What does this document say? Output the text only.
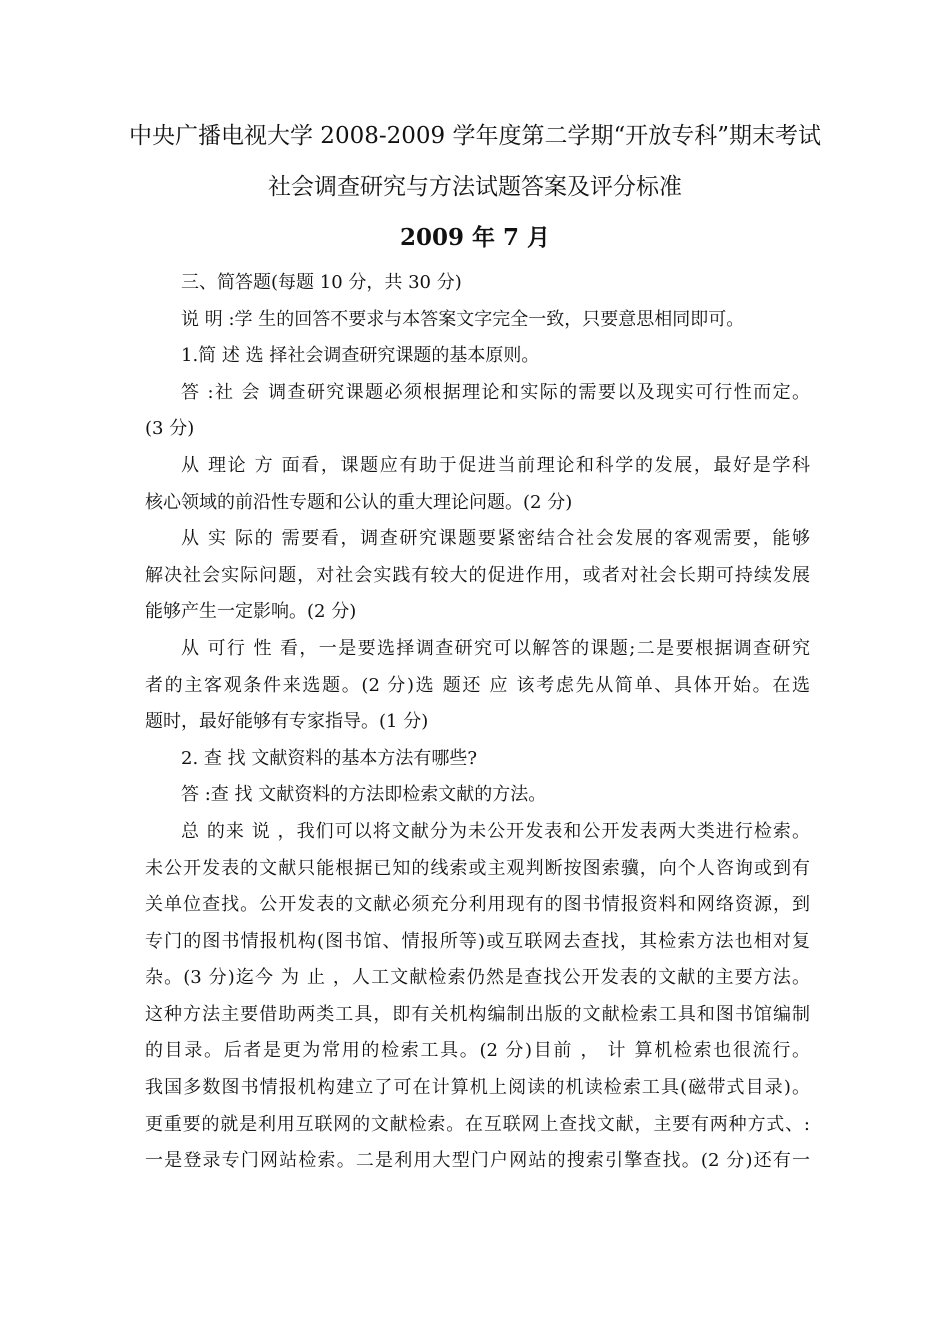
中央广播电视大学 2008-2009 学年度第二学期“开放专科”期末考试
社会调查研究与方法试题答案及评分标准
2009 年 7 月
三、简答题(每题 10 分，共 30 分)
说 明 :学 生的回答不要求与本答案文字完全一致，只要意思相同即可。
1.简 述 选 择社会调查研究课题的基本原则。
答 :社 会 调查研究课题必须根据理论和实际的需要以及现实可行性而定。
(3 分)
从 理论 方 面看，课题应有助于促进当前理论和科学的发展，最好是学科
核心领域的前沿性专题和公认的重大理论问题。(2 分)
从 实 际的 需要看，调查研究课题要紧密结合社会发展的客观需要，能够
解决社会实际问题，对社会实践有较大的促进作用，或者对社会长期可持续发展
能够产生一定影响。(2 分)
从 可行 性 看，一是要选择调查研究可以解答的课题;二是要根据调查研究
者的主客观条件来选题。(2 分)选 题还 应 该考虑先从简单、具体开始。在选
题时，最好能够有专家指导。(1 分)
2. 查 找 文献资料的基本方法有哪些?
答 :查 找 文献资料的方法即检索文献的方法。
总 的来 说 ，我们可以将文献分为未公开发表和公开发表两大类进行检索。
未公开发表的文献只能根据已知的线索或主观判断按图索骥，向个人咨询或到有
关单位查找。公开发表的文献必须充分利用现有的图书情报资料和网络资源，到
专门的图书情报机构(图书馆、情报所等)或互联网去查找，其检索方法也相对复
杂。(3 分)迄今 为 止 ，人工文献检索仍然是查找公开发表的文献的主要方法。
这种方法主要借助两类工具，即有关机构编制出版的文献检索工具和图书馆编制
的目录。后者是更为常用的检索工具。(2 分)目前 ， 计 算机检索也很流行。
我国多数图书情报机构建立了可在计算机上阅读的机读检索工具(磁带式目录)。
更重要的就是利用互联网的文献检索。在互联网上查找文献，主要有两种方式、:
一是登录专门网站检索。二是利用大型门户网站的搜索引擎查找。(2 分)还有一
